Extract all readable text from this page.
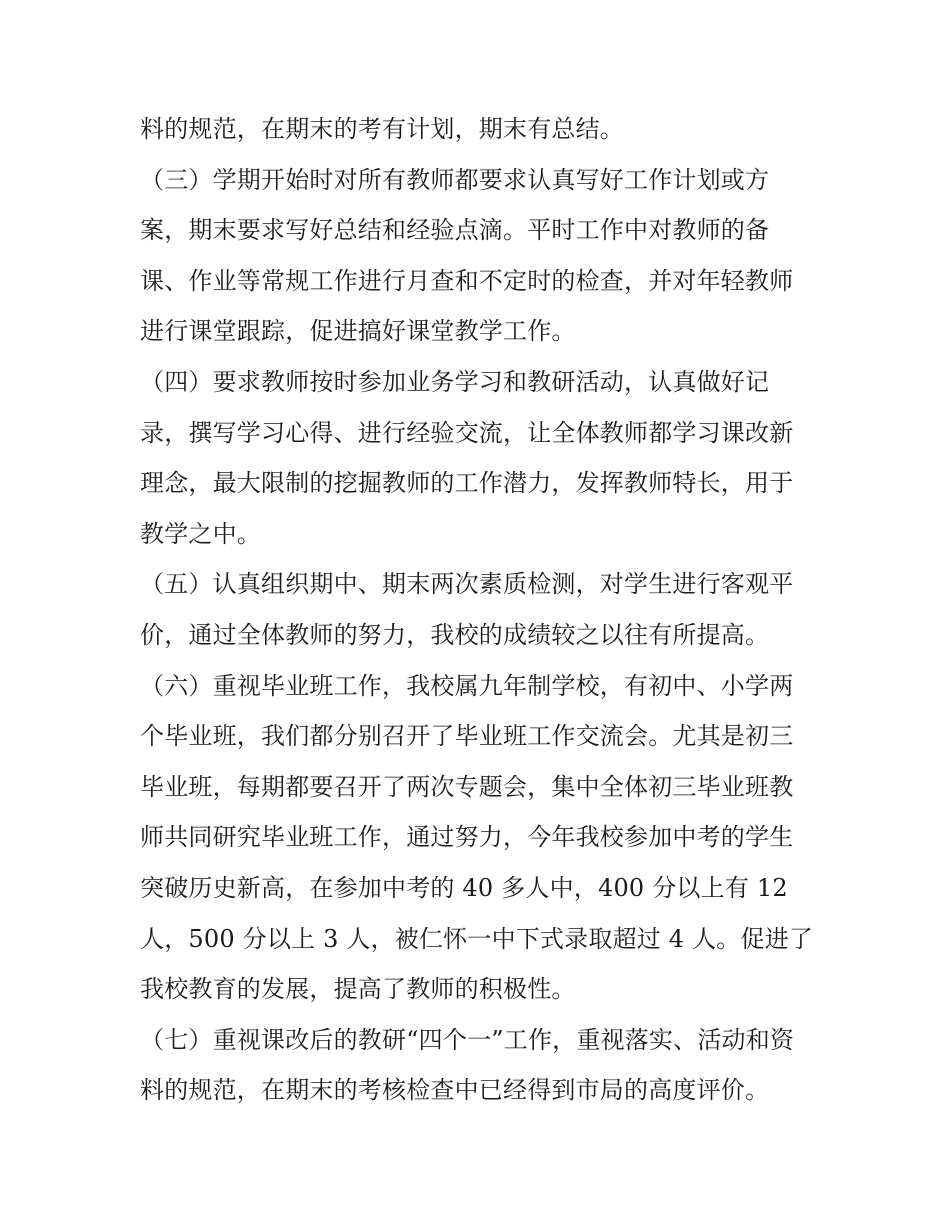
料的规范，在期末的考有计划，期末有总结。
（三）学期开始时对所有教师都要求认真写好工作计划或方
案，期末要求写好总结和经验点滴。平时工作中对教师的备
课、作业等常规工作进行月查和不定时的检查，并对年轻教师
进行课堂跟踪，促进搞好课堂教学工作。
（四）要求教师按时参加业务学习和教研活动，认真做好记
录，撰写学习心得、进行经验交流，让全体教师都学习课改新
理念，最大限制的挖掘教师的工作潜力，发挥教师特长，用于
教学之中。
（五）认真组织期中、期末两次素质检测，对学生进行客观平
价，通过全体教师的努力，我校的成绩较之以往有所提高。
（六）重视毕业班工作，我校属九年制学校，有初中、小学两
个毕业班，我们都分别召开了毕业班工作交流会。尤其是初三
毕业班，每期都要召开了两次专题会，集中全体初三毕业班教
师共同研究毕业班工作，通过努力，今年我校参加中考的学生
突破历史新高，在参加中考的 40 多人中，400 分以上有 12
人，500 分以上 3 人，被仁怀一中下式录取超过 4 人。促进了
我校教育的发展，提高了教师的积极性。
（七）重视课改后的教研“四个一”工作，重视落实、活动和资
料的规范，在期末的考核检查中已经得到市局的高度评价。
